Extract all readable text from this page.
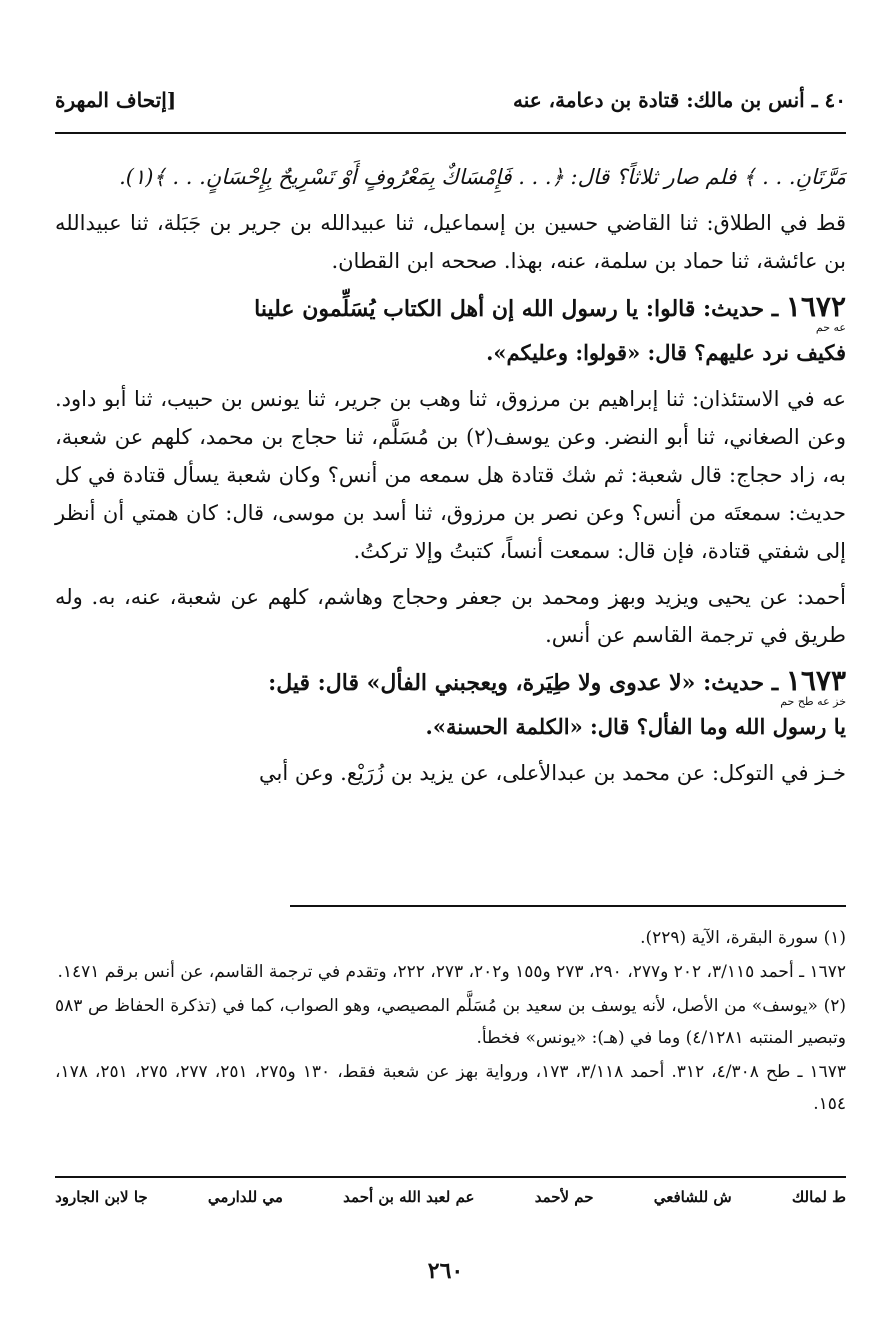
٤٠ ـ أنس بن مالك: قتادة بن دعامة، عنه
[إتحاف المهرة

مَرَّتَانِ. . . ﴾ فلم صار ثلاثاً؟ قال: ﴿. . . فَإِمْسَاكٌ بِمَعْرُوفٍ أَوْ تَسْرِيحٌ بِإِحْسَانٍ. . . ﴾(١).

قط في الطلاق: ثنا القاضي حسين بن إسماعيل، ثنا عبيدالله بن جرير بن جَبَلة، ثنا عبيدالله بن عائشة، ثنا حماد بن سلمة، عنه، بهذا. صححه ابن القطان.

١٦٧٢ ـ حديث: قالوا: يا رسول الله إن أهل الكتاب يُسَلِّمون علينا
عه حم
فكيف نرد عليهم؟ قال: «قولوا: وعليكم».

عه في الاستئذان: ثنا إبراهيم بن مرزوق، ثنا وهب بن جرير، ثنا يونس بن حبيب، ثنا أبو داود. وعن الصغاني، ثنا أبو النضر. وعن يوسف(٢) بن مُسَلَّم، ثنا حجاج بن محمد، كلهم عن شعبة، به، زاد حجاج: قال شعبة: ثم شك قتادة هل سمعه من أنس؟ وكان شعبة يسأل قتادة في كل حديث: سمعتَه من أنس؟ وعن نصر بن مرزوق، ثنا أسد بن موسى، قال: كان همتي أن أنظر إلى شفتي قتادة، فإن قال: سمعت أنساً، كتبتُ وإلا تركتُ.

أحمد: عن يحيى ويزيد وبهز ومحمد بن جعفر وحجاج وهاشم، كلهم عن شعبة، عنه، به. وله طريق في ترجمة القاسم عن أنس.

١٦٧٣ ـ حديث: «لا عدوى ولا طِيَرة، ويعجبني الفأل» قال: قيل:
خز عه طح حم
يا رسول الله وما الفأل؟ قال: «الكلمة الحسنة».

خـز في التوكل: عن محمد بن عبدالأعلى، عن يزيد بن زُرَيْع. وعن أبي

(١) سورة البقرة، الآية (٢٢٩).

١٦٧٢ ـ أحمد ٣/١١٥، ٢٠٢ و٢٧٧، ٢٩٠، ٢٧٣ و١٥٥ و٢٠٢، ٢٧٣، ٢٢٢، وتقدم في ترجمة القاسم، عن أنس برقم ١٤٧١.

(٢) «يوسف» من الأصل، لأنه يوسف بن سعيد بن مُسَلَّم المصيصي، وهو الصواب، كما في (تذكرة الحفاظ ص ٥٨٣ وتبصير المنتبه ٤/١٢٨١) وما في (هـ): «يونس» فخطأ.

١٦٧٣ ـ طح ٤/٣٠٨، ٣١٢. أحمد ٣/١١٨، ١٧٣، ورواية بهز عن شعبة فقط، ١٣٠ و٢٧٥، ٢٥١، ٢٧٧، ٢٧٥، ٢٥١، ١٧٨، ١٥٤.

ط لمالك
ش للشافعي
حم لأحمد
عم لعبد الله بن أحمد
مي للدارمي
جا لابن الجارود
٢٦٠
